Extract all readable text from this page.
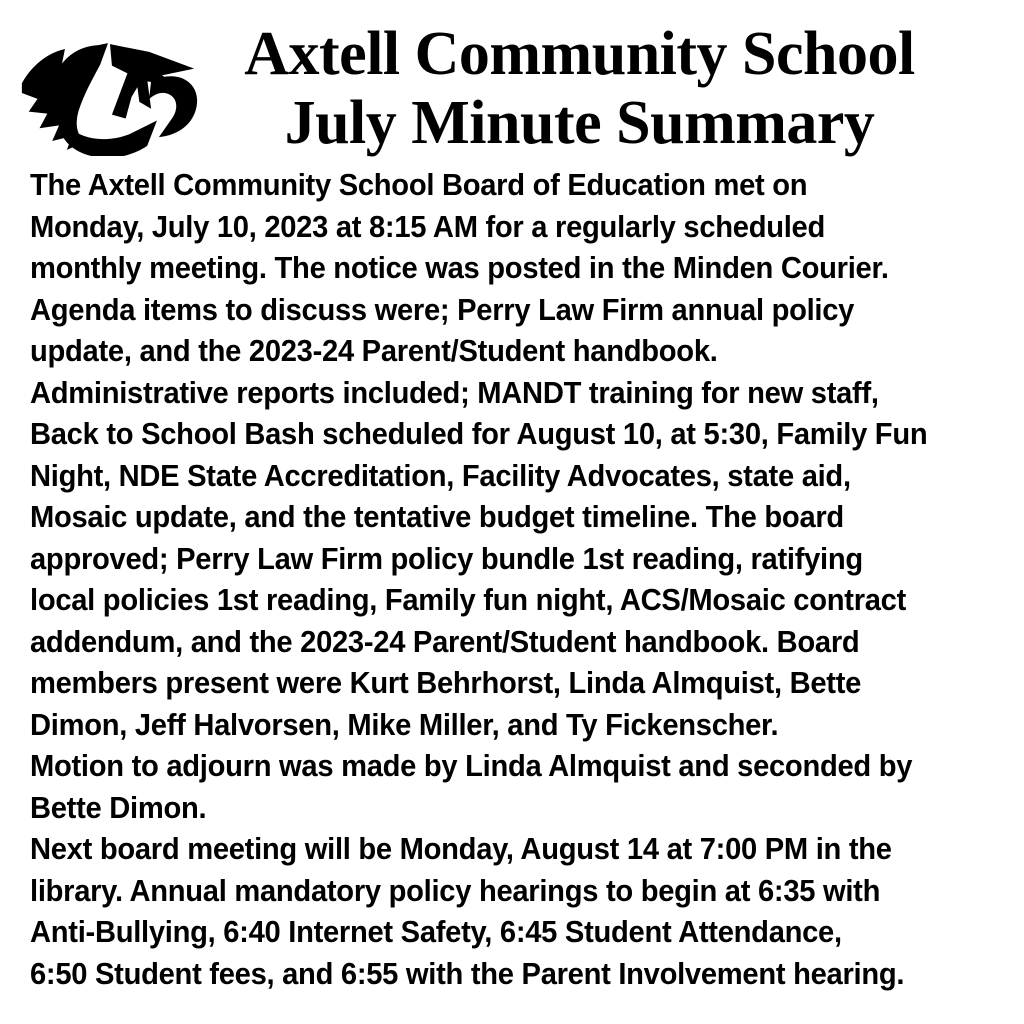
Axtell Community School
July Minute Summary
The Axtell Community School Board of Education met on
Monday, July 10, 2023 at 8:15 AM for a regularly scheduled
monthly meeting. The notice was posted in the Minden Courier.
Agenda items to discuss were; Perry Law Firm annual policy
update, and the 2023-24 Parent/Student handbook.
Administrative reports included; MANDT training for new staff,
Back to School Bash scheduled for August 10, at 5:30, Family Fun
Night, NDE State Accreditation, Facility Advocates, state aid,
Mosaic update, and the tentative budget timeline. The board
approved; Perry Law Firm policy bundle 1st reading, ratifying
local policies 1st reading, Family fun night, ACS/Mosaic contract
addendum, and the 2023-24 Parent/Student handbook. Board
members present were Kurt Behrhorst, Linda Almquist, Bette
Dimon, Jeff Halvorsen, Mike Miller, and Ty Fickenscher.
Motion to adjourn was made by Linda Almquist and seconded by
Bette Dimon.
Next board meeting will be Monday, August 14 at 7:00 PM in the
library. Annual mandatory policy hearings to begin at 6:35 with
Anti-Bullying, 6:40 Internet Safety, 6:45 Student Attendance,
6:50 Student fees, and 6:55 with the Parent Involvement hearing.
